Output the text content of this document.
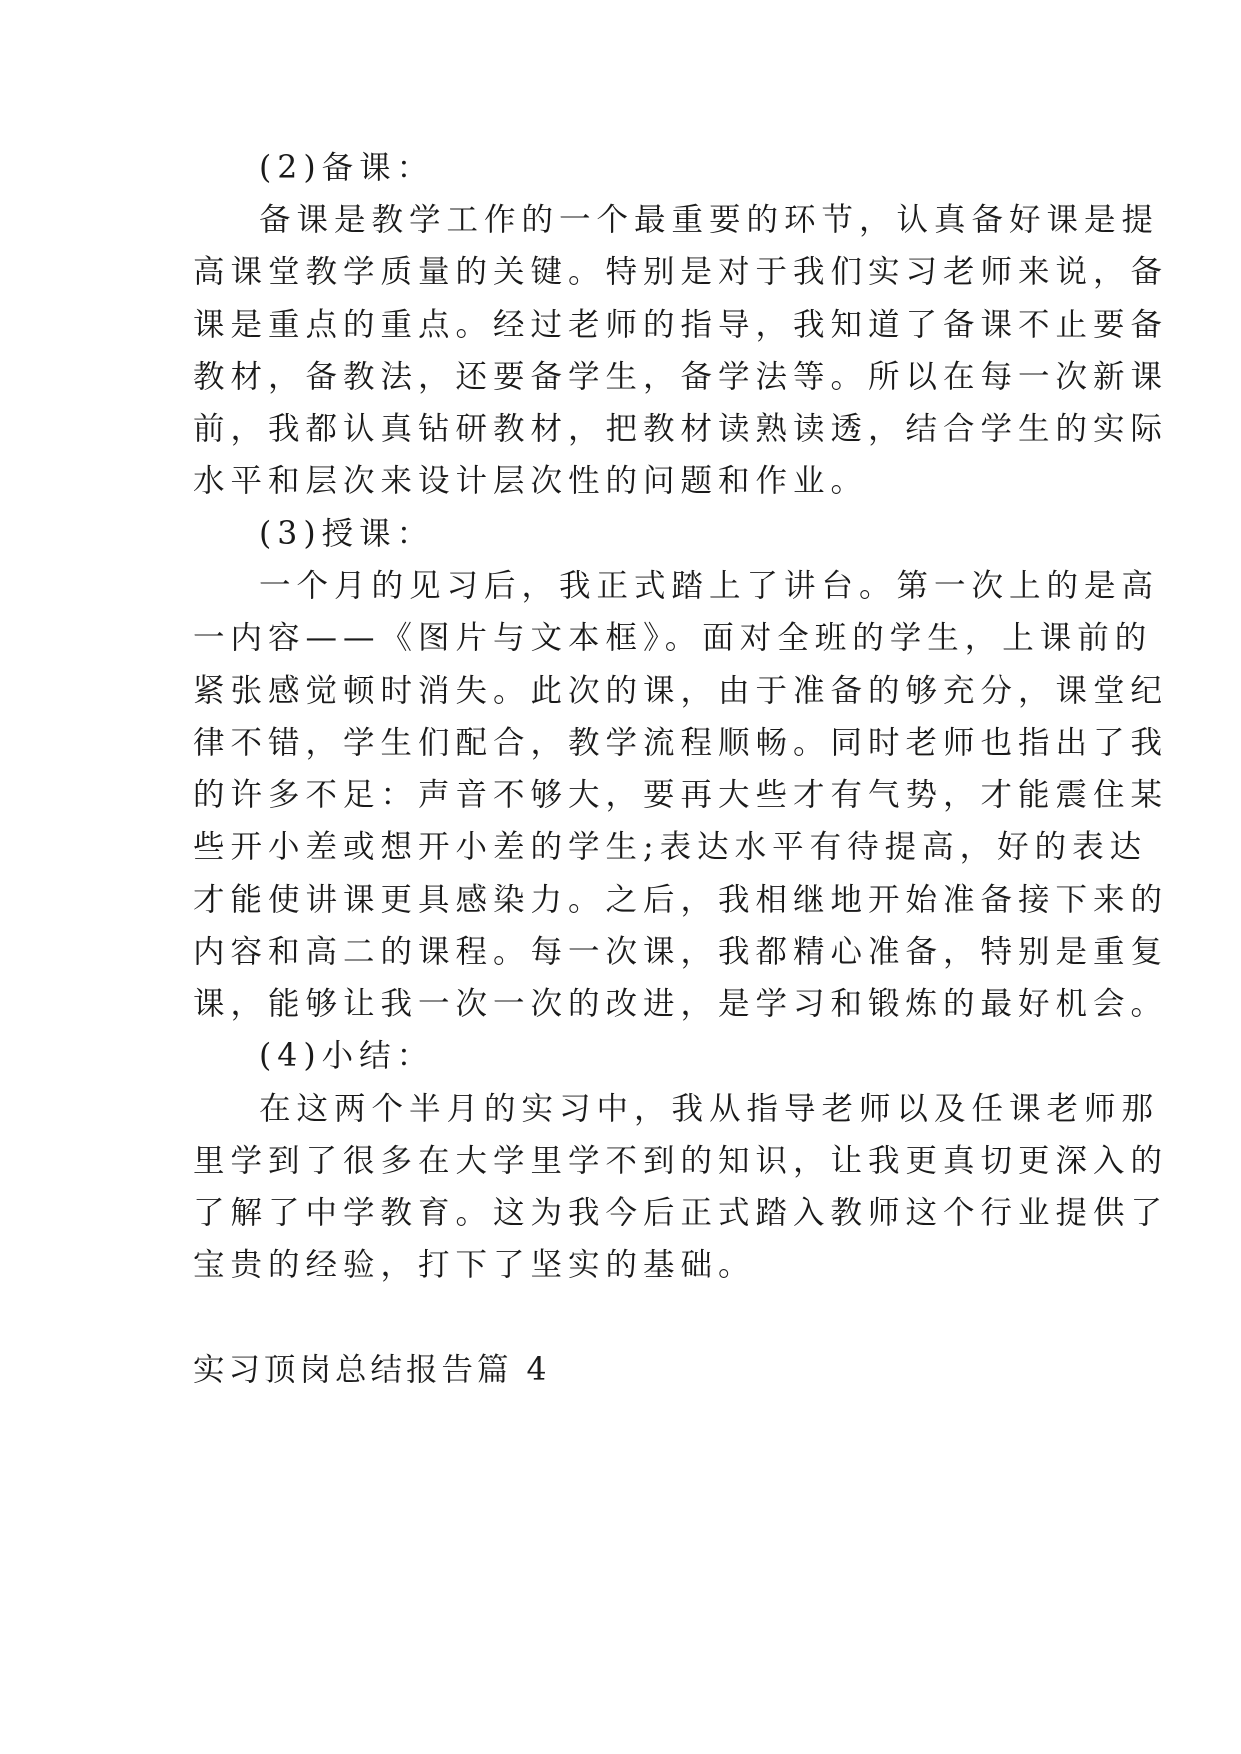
(2)备课：
备课是教学工作的一个最重要的环节，认真备好课是提
高课堂教学质量的关键。特别是对于我们实习老师来说，备
课是重点的重点。经过老师的指导，我知道了备课不止要备
教材，备教法，还要备学生，备学法等。所以在每一次新课
前，我都认真钻研教材，把教材读熟读透，结合学生的实际
水平和层次来设计层次性的问题和作业。
(3)授课：
一个月的见习后，我正式踏上了讲台。第一次上的是高
一内容——《图片与文本框》。面对全班的学生，上课前的
紧张感觉顿时消失。此次的课，由于准备的够充分，课堂纪
律不错，学生们配合，教学流程顺畅。同时老师也指出了我
的许多不足：声音不够大，要再大些才有气势，才能震住某
些开小差或想开小差的学生;表达水平有待提高，好的表达
才能使讲课更具感染力。之后，我相继地开始准备接下来的
内容和高二的课程。每一次课，我都精心准备，特别是重复
课，能够让我一次一次的改进，是学习和锻炼的最好机会。
(4)小结：
在这两个半月的实习中，我从指导老师以及任课老师那
里学到了很多在大学里学不到的知识，让我更真切更深入的
了解了中学教育。这为我今后正式踏入教师这个行业提供了
宝贵的经验，打下了坚实的基础。
实习顶岗总结报告篇 4
